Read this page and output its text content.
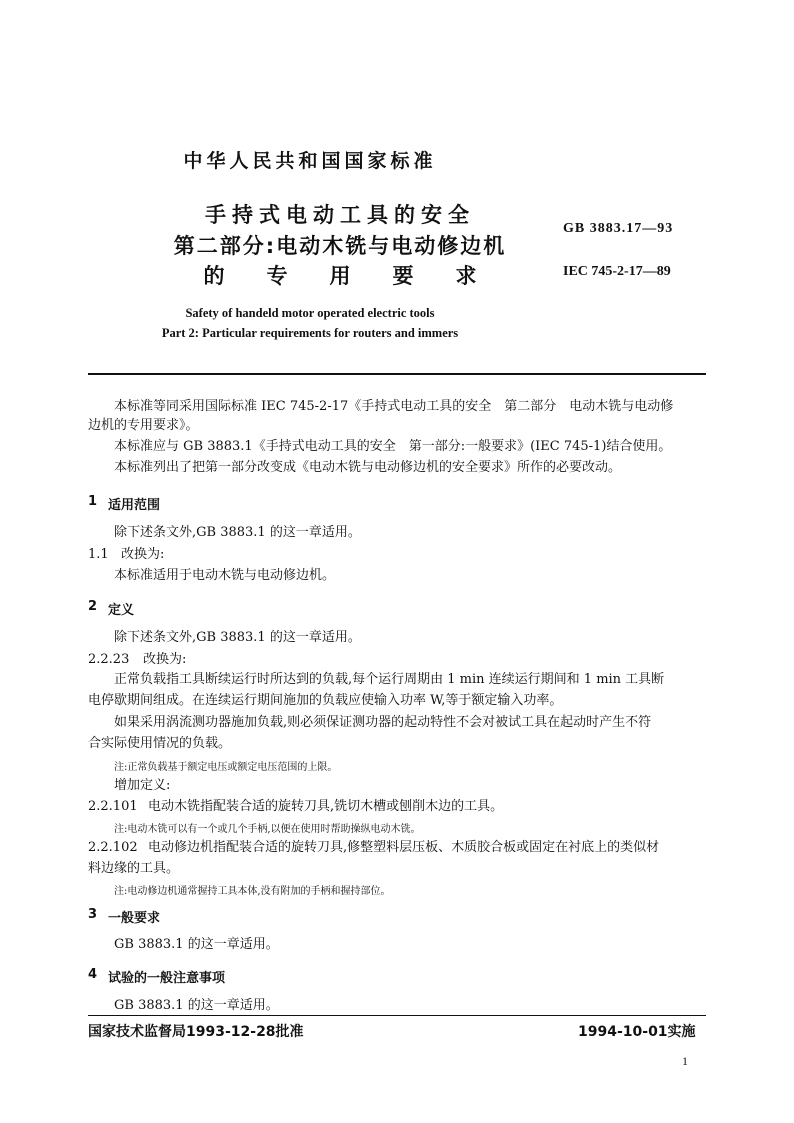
中华人民共和国国家标准
手持式电动工具的安全
第二部分:电动木铣与电动修边机
的 专 用 要 求
GB 3883.17—93
IEC 745-2-17—89
Safety of handeld motor operated electric tools
Part 2: Particular requirements for routers and immers
本标准等同采用国际标准 IEC 745-2-17《手持式电动工具的安全　第二部分　电动木铣与电动修
边机的专用要求》。
本标准应与 GB 3883.1《手持式电动工具的安全　第一部分:一般要求》(IEC 745-1)结合使用。
本标准列出了把第一部分改变成《电动木铣与电动修边机的安全要求》所作的必要改动。
1 适用范围
除下述条文外,GB 3883.1 的这一章适用。
1.1 改换为:
本标准适用于电动木铣与电动修边机。
2 定义
除下述条文外,GB 3883.1 的这一章适用。
2.2.23 改换为:
正常负载指工具断续运行时所达到的负载,每个运行周期由 1 min 连续运行期间和 1 min 工具断
电停歇期间组成。在连续运行期间施加的负载应使输入功率 W,等于额定输入功率。
如果采用涡流测功器施加负载,则必须保证测功器的起动特性不会对被试工具在起动时产生不符
合实际使用情况的负载。
注:正常负载基于额定电压或额定电压范围的上限。
增加定义:
2.2.101 电动木铣指配装合适的旋转刀具,铣切木槽或刨削木边的工具。
注:电动木铣可以有一个或几个手柄,以便在使用时帮助操纵电动木铣。
2.2.102 电动修边机指配装合适的旋转刀具,修整塑料层压板、木质胶合板或固定在衬底上的类似材
料边缘的工具。
注:电动修边机通常握持工具本体,没有附加的手柄和握持部位。
3 一般要求
GB 3883.1 的这一章适用。
4 试验的一般注意事项
GB 3883.1 的这一章适用。
国家技术监督局1993-12-28批准	1994-10-01实施
1
